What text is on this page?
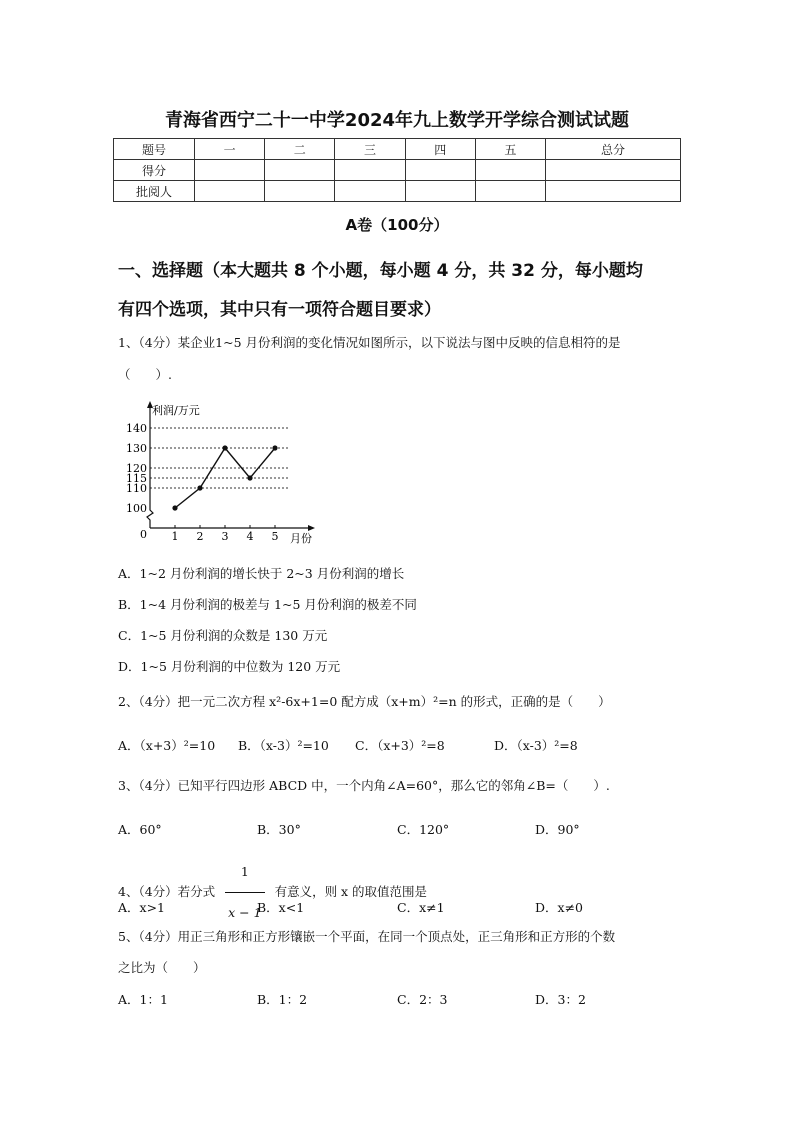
青海省西宁二十一中学2024年九上数学开学综合测试试题
题号	一	二	三	四	五	总分
得分						
批阅人						
A卷（100分）
一、选择题（本大题共 8 个小题，每小题 4 分，共 32 分，每小题均
有四个选项，其中只有一项符合题目要求）
1、（4分）某企业1~5 月份利润的变化情况如图所示，以下说法与图中反映的信息相符的是
（　　）.
利润/万元
月份
0
100
110
115
120
130
140
1 2 3 4 5
A．1~2 月份利润的增长快于 2~3 月份利润的增长
B．1~4 月份利润的极差与 1~5 月份利润的极差不同
C．1~5 月份利润的众数是 130 万元
D．1~5 月份利润的中位数为 120 万元
2、（4分）把一元二次方程 x²-6x+1=0 配方成（x+m）²=n 的形式，正确的是（　　）
A．（x+3）²=10 B．（x-3）²=10 C．（x+3）²=8	D．（x-3）²=8
3、（4分）已知平行四边形 ABCD 中，一个内角∠A=60°，那么它的邻角∠B=（　　）.
A．60°	B．30°	C．120°	D．90°
4、（4分）若分式 $\frac{1}{x - 1}$ 有意义，则 x 的取值范围是
A．x>1	B．x<1	C．x≠1	D．x≠0
5、（4分）用正三角形和正方形镶嵌一个平面，在同一个顶点处，正三角形和正方形的个数
之比为（　　）
A．1：1	B．1：2	C．2：3	D．3：2
